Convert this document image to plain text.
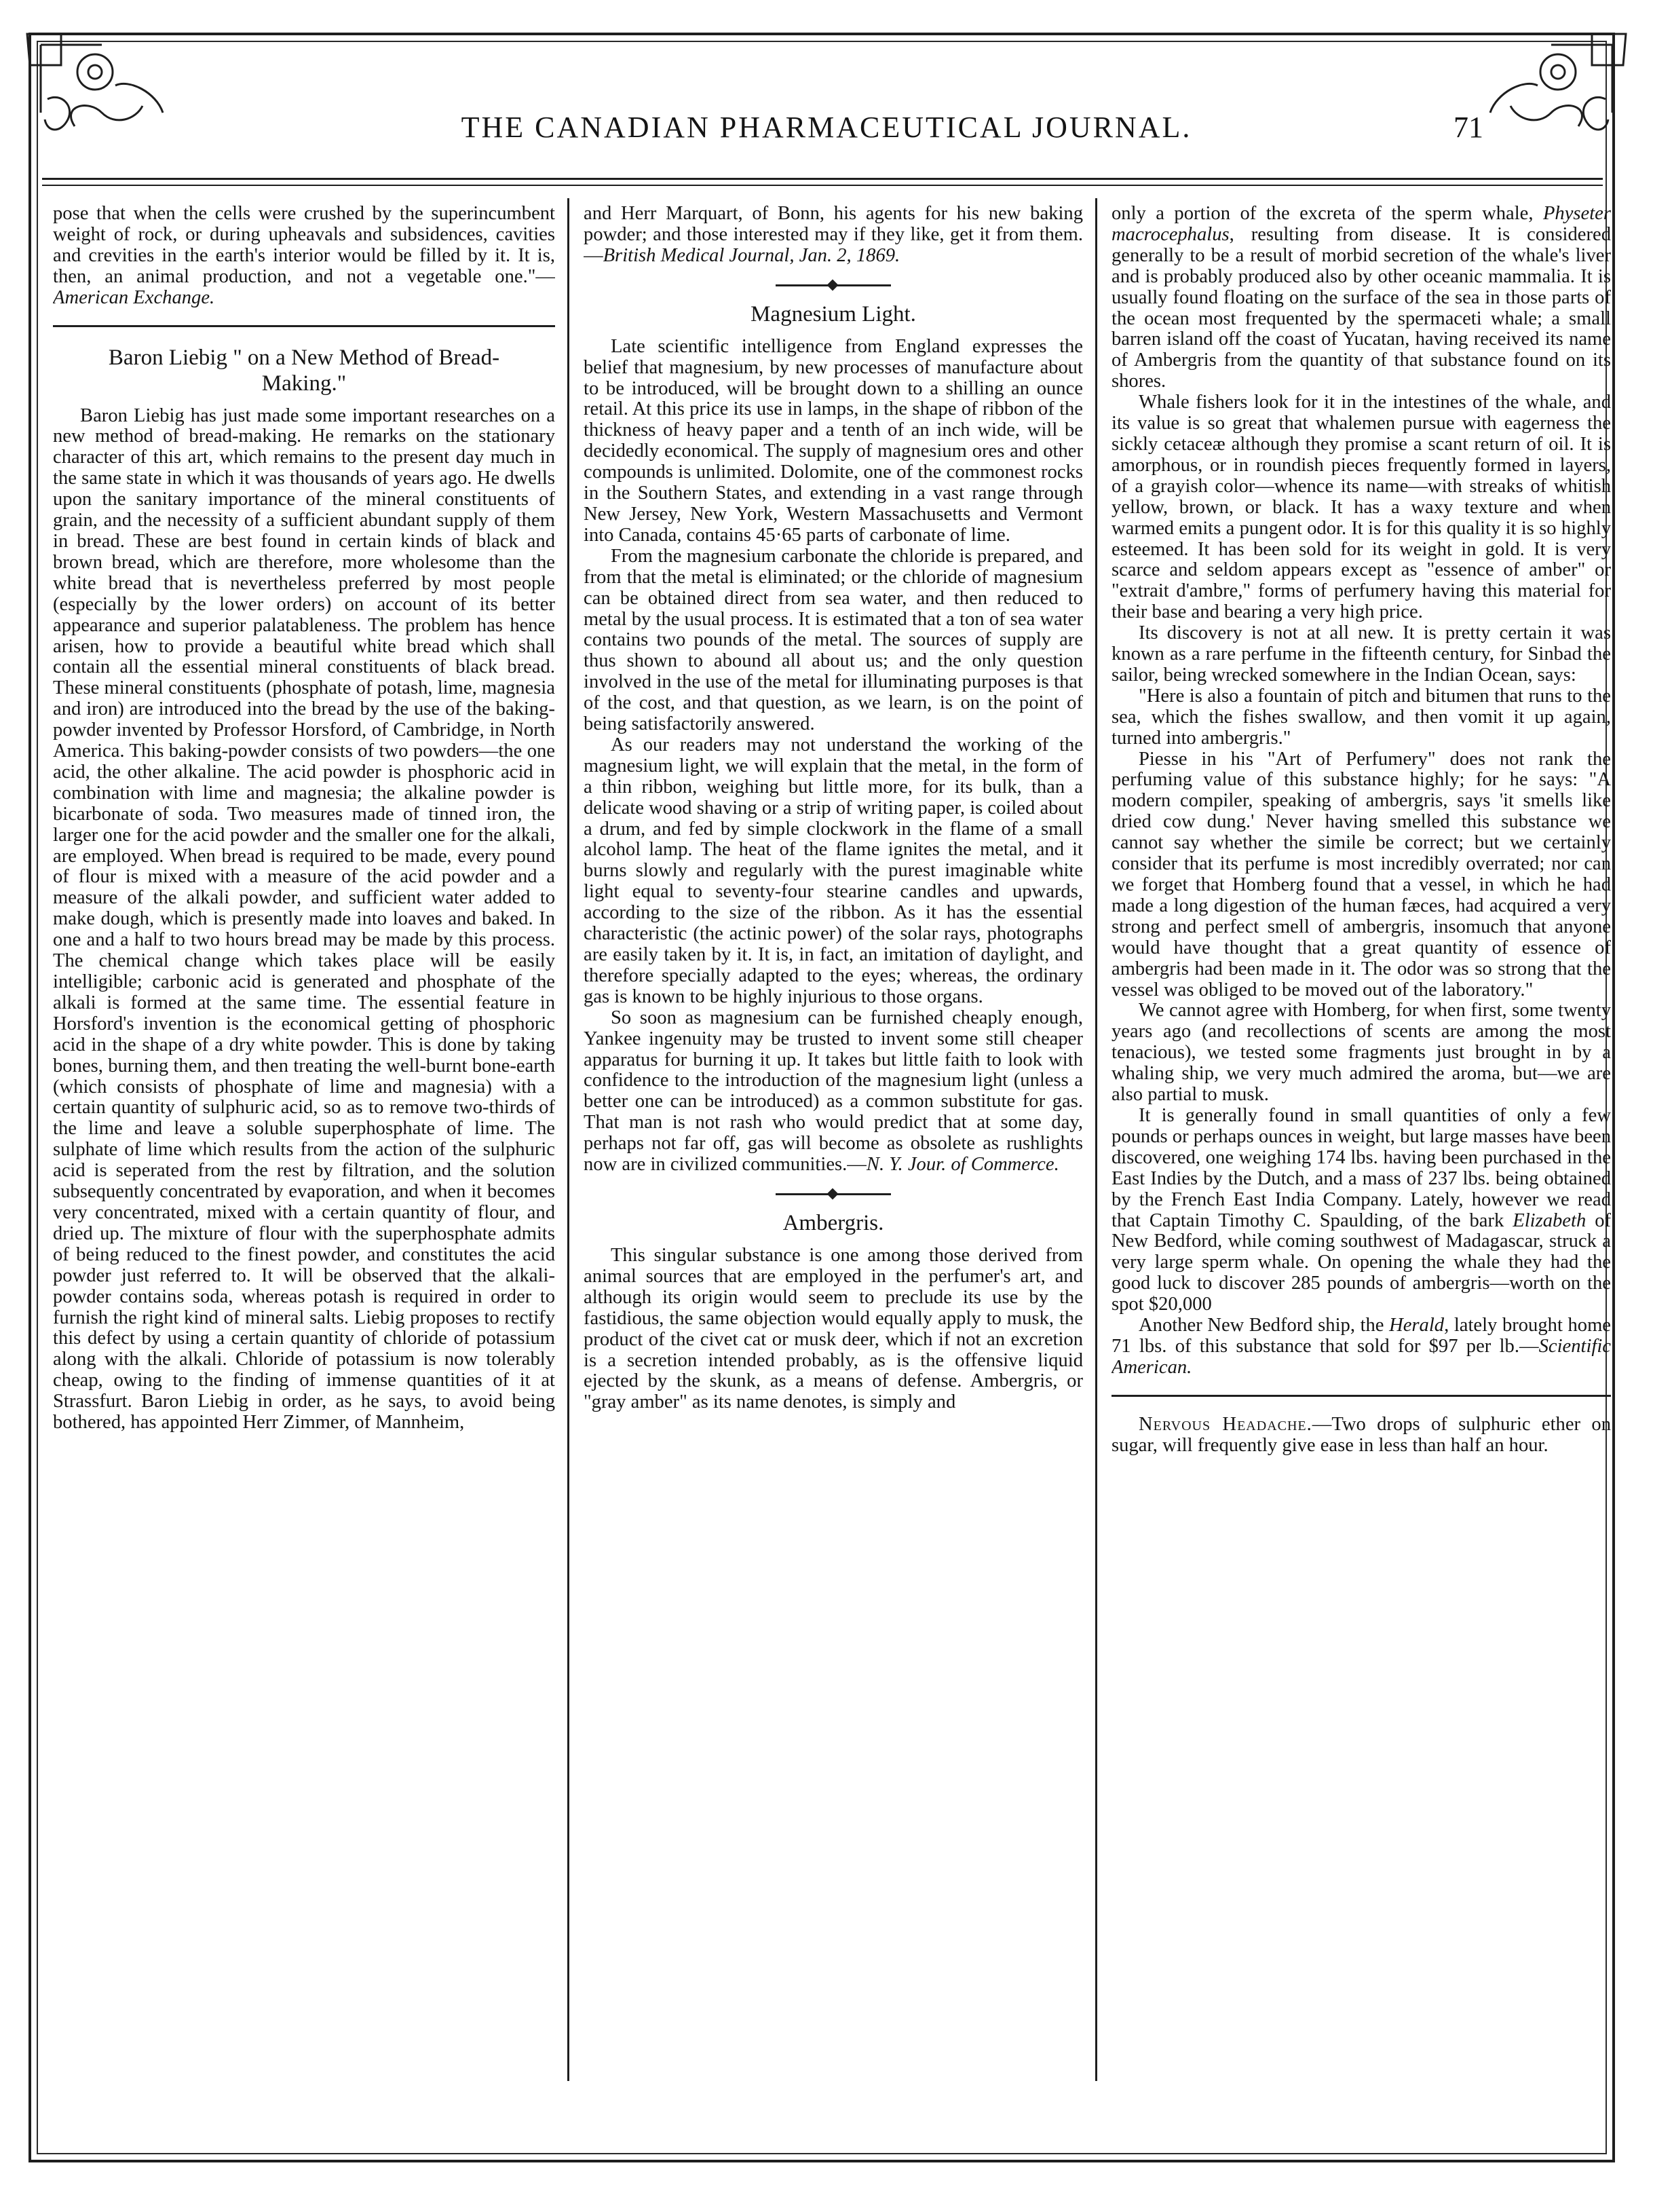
THE CANADIAN PHARMACEUTICAL JOURNAL.	71

pose that when the cells were crushed by the superincumbent weight of rock, or during upheavals and subsidences, cavities and crevities in the earth's interior would be filled by it. It is, then, an animal production, and not a vegetable one."—American Exchange.

Baron Liebig " on a New Method of Bread-Making."

Baron Liebig has just made some important researches on a new method of bread-making. He remarks on the stationary character of this art, which remains to the present day much in the same state in which it was thousands of years ago. He dwells upon the sanitary importance of the mineral constituents of grain, and the necessity of a sufficient abundant supply of them in bread. These are best found in certain kinds of black and brown bread, which are therefore, more wholesome than the white bread that is nevertheless preferred by most people (especially by the lower orders) on account of its better appearance and superior palatableness. The problem has hence arisen, how to provide a beautiful white bread which shall contain all the essential mineral constituents of black bread. These mineral constituents (phosphate of potash, lime, magnesia and iron) are introduced into the bread by the use of the baking-powder invented by Professor Horsford, of Cambridge, in North America. This baking-powder consists of two powders—the one acid, the other alkaline. The acid powder is phosphoric acid in combination with lime and magnesia; the alkaline powder is bicarbonate of soda. Two measures made of tinned iron, the larger one for the acid powder and the smaller one for the alkali, are employed. When bread is required to be made, every pound of flour is mixed with a measure of the acid powder and a measure of the alkali powder, and sufficient water added to make dough, which is presently made into loaves and baked. In one and a half to two hours bread may be made by this process. The chemical change which takes place will be easily intelligible; carbonic acid is generated and phosphate of the alkali is formed at the same time. The essential feature in Horsford's invention is the economical getting of phosphoric acid in the shape of a dry white powder. This is done by taking bones, burning them, and then treating the well-burnt bone-earth (which consists of phosphate of lime and magnesia) with a certain quantity of sulphuric acid, so as to remove two-thirds of the lime and leave a soluble superphosphate of lime. The sulphate of lime which results from the action of the sulphuric acid is seperated from the rest by filtration, and the solution subsequently concentrated by evaporation, and when it becomes very concentrated, mixed with a certain quantity of flour, and dried up. The mixture of flour with the superphosphate admits of being reduced to the finest powder, and constitutes the acid powder just referred to. It will be observed that the alkali-powder contains soda, whereas potash is required in order to furnish the right kind of mineral salts. Liebig proposes to rectify this defect by using a certain quantity of chloride of potassium along with the alkali. Chloride of potassium is now tolerably cheap, owing to the finding of immense quantities of it at Strassfurt. Baron Liebig in order, as he says, to avoid being bothered, has appointed Herr Zimmer, of Mannheim,

and Herr Marquart, of Bonn, his agents for his new baking powder; and those interested may if they like, get it from them.—British Medical Journal, Jan. 2, 1869.

Magnesium Light.

Late scientific intelligence from England expresses the belief that magnesium, by new processes of manufacture about to be introduced, will be brought down to a shilling an ounce retail. At this price its use in lamps, in the shape of ribbon of the thickness of heavy paper and a tenth of an inch wide, will be decidedly economical. The supply of magnesium ores and other compounds is unlimited. Dolomite, one of the commonest rocks in the Southern States, and extending in a vast range through New Jersey, New York, Western Massachusetts and Vermont into Canada, contains 45·65 parts of carbonate of lime.

From the magnesium carbonate the chloride is prepared, and from that the metal is eliminated; or the chloride of magnesium can be obtained direct from sea water, and then reduced to metal by the usual process. It is estimated that a ton of sea water contains two pounds of the metal. The sources of supply are thus shown to abound all about us; and the only question involved in the use of the metal for illuminating purposes is that of the cost, and that question, as we learn, is on the point of being satisfactorily answered.

As our readers may not understand the working of the magnesium light, we will explain that the metal, in the form of a thin ribbon, weighing but little more, for its bulk, than a delicate wood shaving or a strip of writing paper, is coiled about a drum, and fed by simple clockwork in the flame of a small alcohol lamp. The heat of the flame ignites the metal, and it burns slowly and regularly with the purest imaginable white light equal to seventy-four stearine candles and upwards, according to the size of the ribbon. As it has the essential characteristic (the actinic power) of the solar rays, photographs are easily taken by it. It is, in fact, an imitation of daylight, and therefore specially adapted to the eyes; whereas, the ordinary gas is known to be highly injurious to those organs.

So soon as magnesium can be furnished cheaply enough, Yankee ingenuity may be trusted to invent some still cheaper apparatus for burning it up. It takes but little faith to look with confidence to the introduction of the magnesium light (unless a better one can be introduced) as a common substitute for gas. That man is not rash who would predict that at some day, perhaps not far off, gas will become as obsolete as rushlights now are in civilized communities.—N. Y. Jour. of Commerce.

Ambergris.

This singular substance is one among those derived from animal sources that are employed in the perfumer's art, and although its origin would seem to preclude its use by the fastidious, the same objection would equally apply to musk, the product of the civet cat or musk deer, which if not an excretion is a secretion intended probably, as is the offensive liquid ejected by the skunk, as a means of defense. Ambergris, or "gray amber" as its name denotes, is simply and

only a portion of the excreta of the sperm whale, Physeter macrocephalus, resulting from disease. It is considered generally to be a result of morbid secretion of the whale's liver and is probably produced also by other oceanic mammalia. It is usually found floating on the surface of the sea in those parts of the ocean most frequented by the spermaceti whale; a small barren island off the coast of Yucatan, having received its name of Ambergris from the quantity of that substance found on its shores.

Whale fishers look for it in the intestines of the whale, and its value is so great that whalemen pursue with eagerness the sickly cetaceæ although they promise a scant return of oil. It is amorphous, or in roundish pieces frequently formed in layers, of a grayish color—whence its name—with streaks of whitish yellow, brown, or black. It has a waxy texture and when warmed emits a pungent odor. It is for this quality it is so highly esteemed. It has been sold for its weight in gold. It is very scarce and seldom appears except as "essence of amber" or "extrait d'ambre," forms of perfumery having this material for their base and bearing a very high price.

Its discovery is not at all new. It is pretty certain it was known as a rare perfume in the fifteenth century, for Sinbad the sailor, being wrecked somewhere in the Indian Ocean, says:

"Here is also a fountain of pitch and bitumen that runs to the sea, which the fishes swallow, and then vomit it up again, turned into ambergris."

Piesse in his "Art of Perfumery" does not rank the perfuming value of this substance highly; for he says: "A modern compiler, speaking of ambergris, says 'it smells like dried cow dung.' Never having smelled this substance we cannot say whether the simile be correct; but we certainly consider that its perfume is most incredibly overrated; nor can we forget that Homberg found that a vessel, in which he had made a long digestion of the human fæces, had acquired a very strong and perfect smell of ambergris, insomuch that anyone would have thought that a great quantity of essence of ambergris had been made in it. The odor was so strong that the vessel was obliged to be moved out of the laboratory."

We cannot agree with Homberg, for when first, some twenty years ago (and recollections of scents are among the most tenacious), we tested some fragments just brought in by a whaling ship, we very much admired the aroma, but—we are also partial to musk.

It is generally found in small quantities of only a few pounds or perhaps ounces in weight, but large masses have been discovered, one weighing 174 lbs. having been purchased in the East Indies by the Dutch, and a mass of 237 lbs. being obtained by the French East India Company. Lately, however we read that Captain Timothy C. Spaulding, of the bark Elizabeth of New Bedford, while coming southwest of Madagascar, struck a very large sperm whale. On opening the whale they had the good luck to discover 285 pounds of ambergris—worth on the spot $20,000

Another New Bedford ship, the Herald, lately brought home 71 lbs. of this substance that sold for $97 per lb.—Scientific American.

Nervous Headache.—Two drops of sulphuric ether on sugar, will frequently give ease in less than half an hour.
